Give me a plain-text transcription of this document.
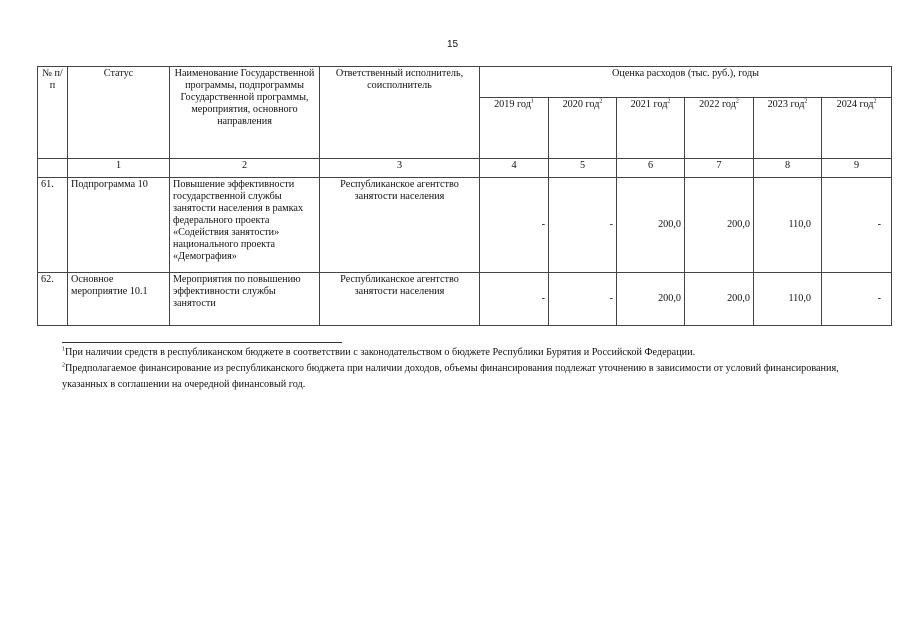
15
№ п/п	Статус	Наименование Государственной программы, подпрограммы Государственной программы, мероприятия, основного направления	Ответственный исполнитель, соисполнитель	Оценка расходов (тыс. руб.), годы					
				2019 год$^1$	2020 год$^2$	2021 год$^2$	2022 год$^2$	2023 год$^2$	2024 год$^2$
	1	2	3	4	5	6	7	8	9
61.	Подпрограмма 10	Повышение эффективности государственной службы занятости населения в рамках федерального проекта «Содействия занятости» национального проекта «Демография»	Республиканское агентство занятости населения	-	-	200,0	200,0	110,0	-
62.	Основное мероприятие 10.1	Мероприятия по повышению эффективности службы занятости	Республиканское агентство занятости населения	-	-	200,0	200,0	110,0	-
$^1$При наличии средств в республиканском бюджете в соответствии с законодательством о бюджете Республики Бурятия и Российской Федерации.
$^2$Предполагаемое финансирование из республиканского бюджета при наличии доходов, объемы финансирования подлежат уточнению в зависимости от условий финансирования, указанных в соглашении на очередной финансовый год.
